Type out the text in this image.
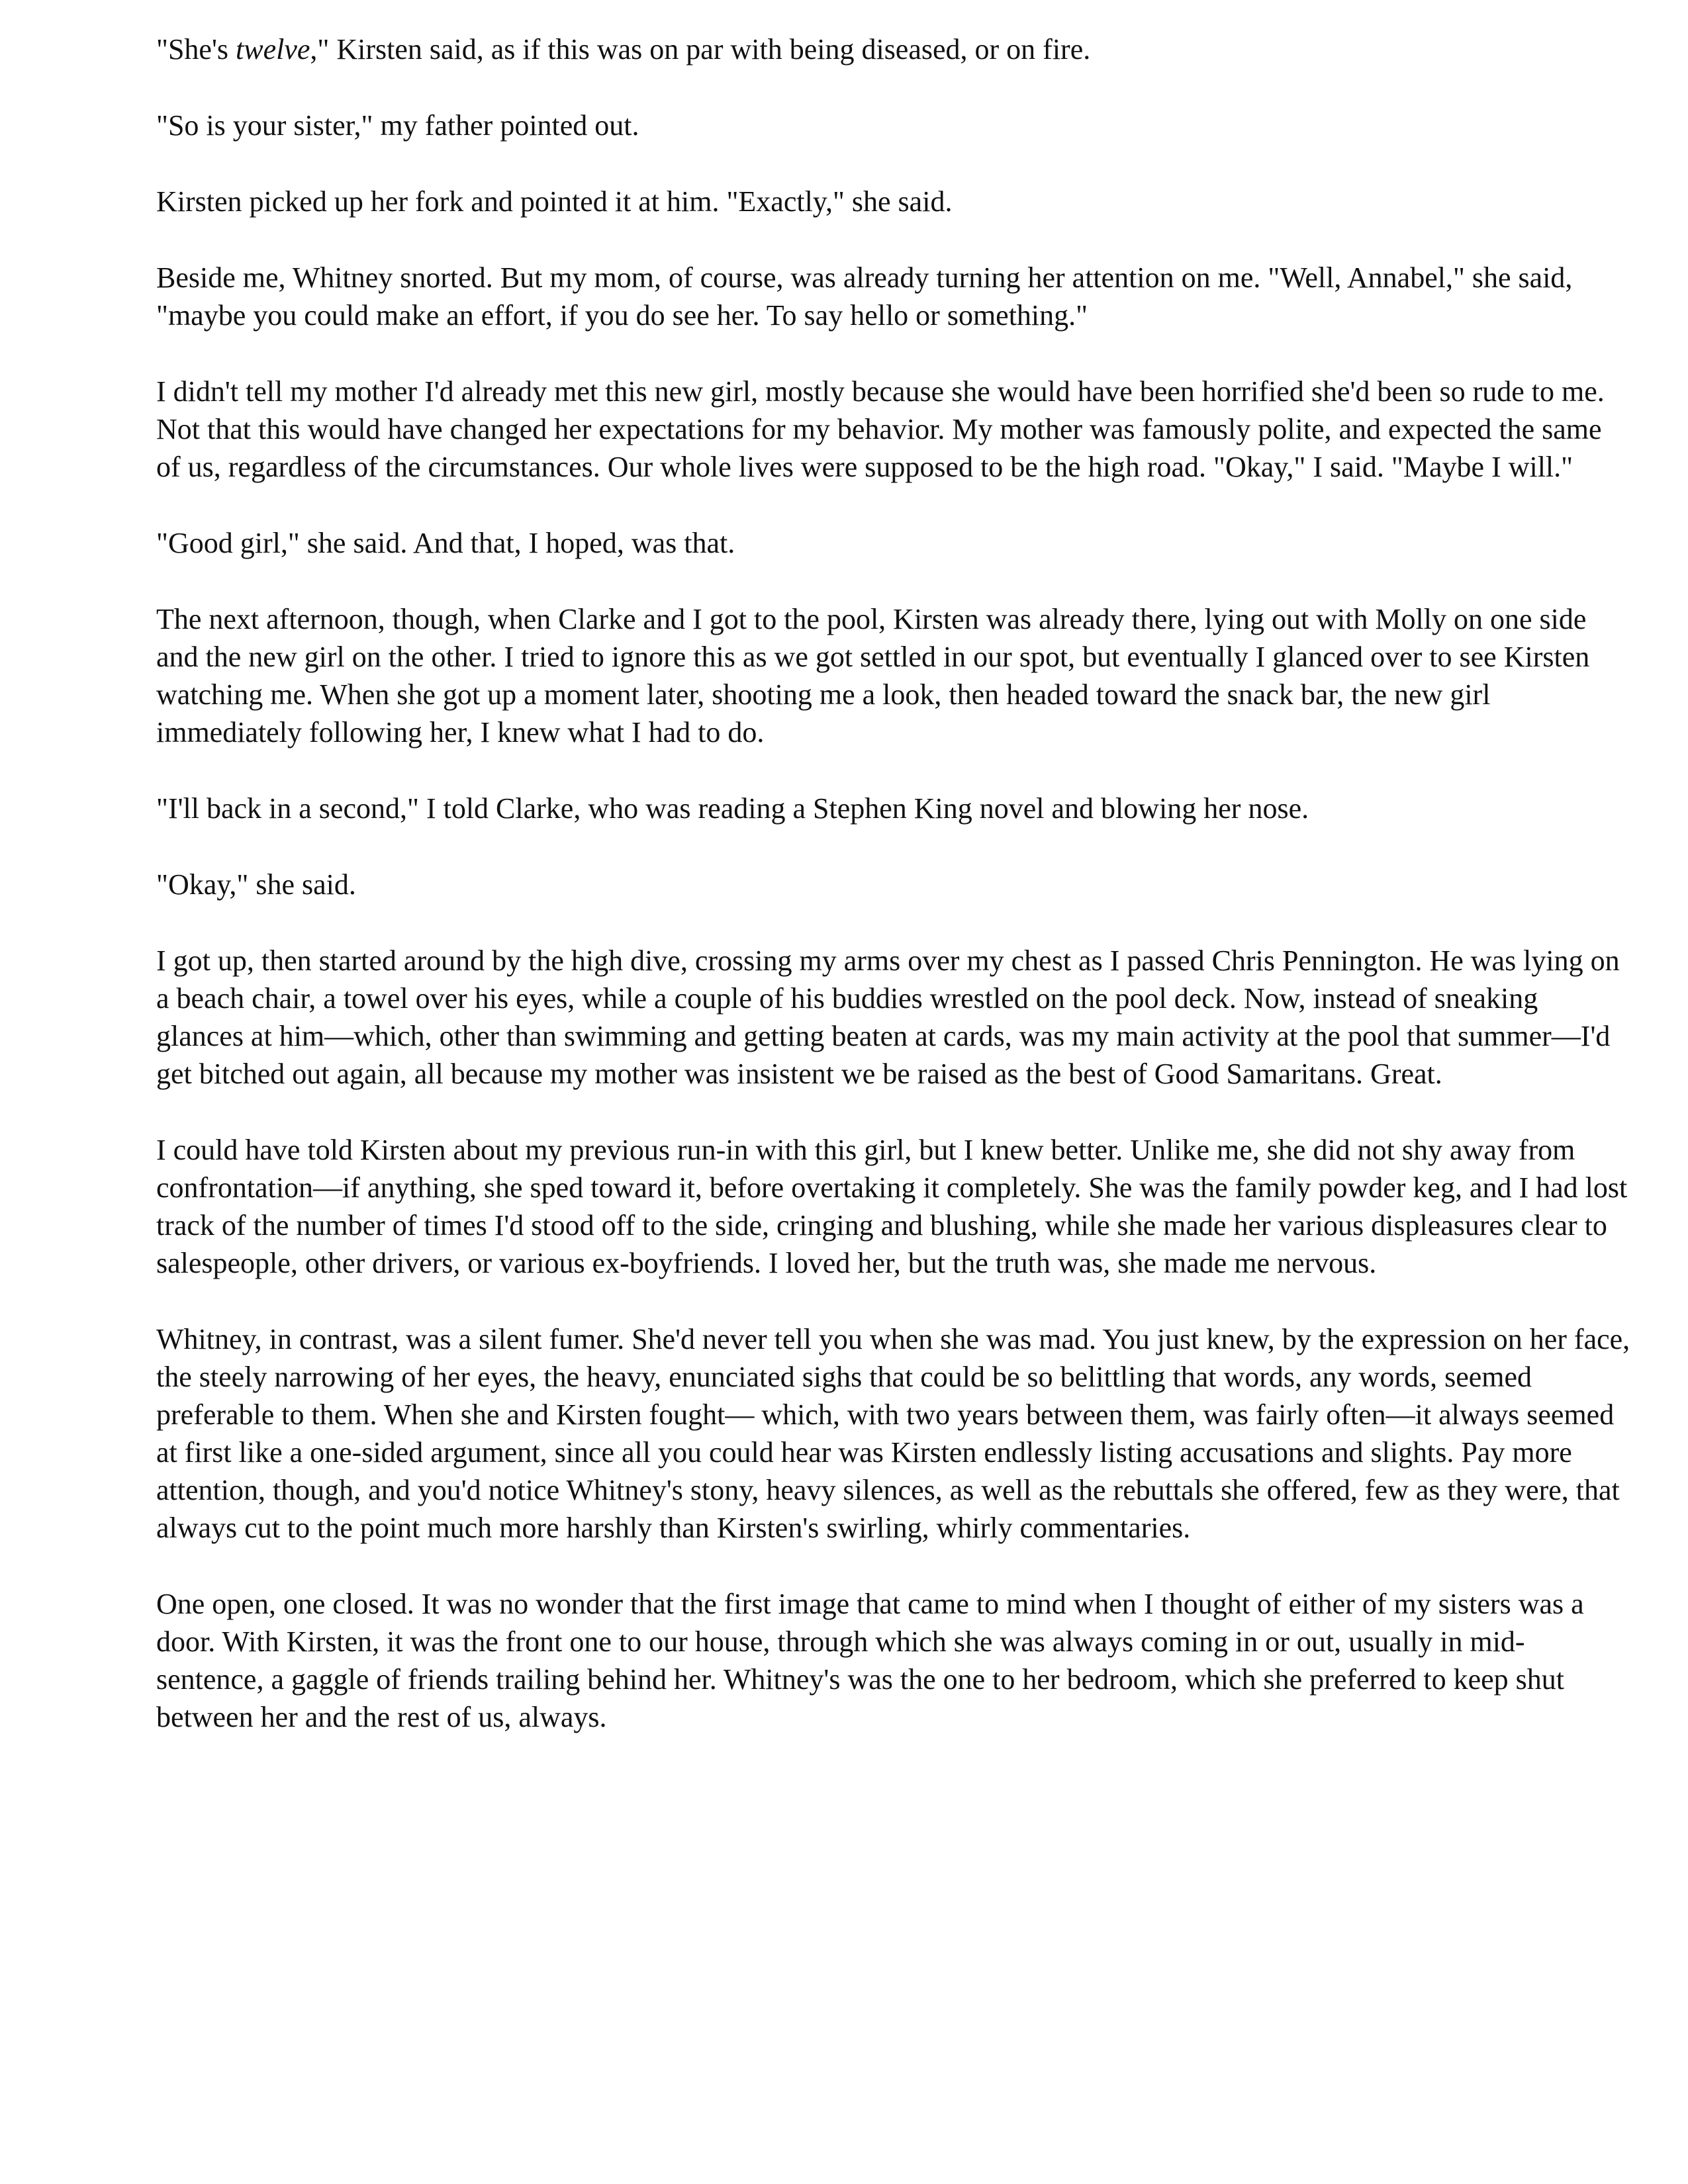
"She's twelve," Kirsten said, as if this was on par with being diseased, or on fire.

"So is your sister," my father pointed out.

Kirsten picked up her fork and pointed it at him. "Exactly," she said.

Beside me, Whitney snorted. But my mom, of course, was already turning her attention on me. "Well, Annabel," she said, "maybe you could make an effort, if you do see her. To say hello or something."

I didn't tell my mother I'd already met this new girl, mostly because she would have been horrified she'd been so rude to me. Not that this would have changed her expectations for my behavior. My mother was famously polite, and expected the same of us, regardless of the circumstances. Our whole lives were supposed to be the high road. "Okay," I said. "Maybe I will."

"Good girl," she said. And that, I hoped, was that.

The next afternoon, though, when Clarke and I got to the pool, Kirsten was already there, lying out with Molly on one side and the new girl on the other. I tried to ignore this as we got settled in our spot, but eventually I glanced over to see Kirsten watching me. When she got up a moment later, shooting me a look, then headed toward the snack bar, the new girl immediately following her, I knew what I had to do.

"I'll back in a second," I told Clarke, who was reading a Stephen King novel and blowing her nose.

"Okay," she said.

I got up, then started around by the high dive, crossing my arms over my chest as I passed Chris Pennington. He was lying on a beach chair, a towel over his eyes, while a couple of his buddies wrestled on the pool deck. Now, instead of sneaking glances at him—which, other than swimming and getting beaten at cards, was my main activity at the pool that summer—I'd get bitched out again, all because my mother was insistent we be raised as the best of Good Samaritans. Great.

I could have told Kirsten about my previous run-in with this girl, but I knew better. Unlike me, she did not shy away from confrontation—if anything, she sped toward it, before overtaking it completely. She was the family powder keg, and I had lost track of the number of times I'd stood off to the side, cringing and blushing, while she made her various displeasures clear to salespeople, other drivers, or various ex-boyfriends. I loved her, but the truth was, she made me nervous.

Whitney, in contrast, was a silent fumer. She'd never tell you when she was mad. You just knew, by the expression on her face, the steely narrowing of her eyes, the heavy, enunciated sighs that could be so belittling that words, any words, seemed preferable to them. When she and Kirsten fought— which, with two years between them, was fairly often—it always seemed at first like a one-sided argument, since all you could hear was Kirsten endlessly listing accusations and slights. Pay more attention, though, and you'd notice Whitney's stony, heavy silences, as well as the rebuttals she offered, few as they were, that always cut to the point much more harshly than Kirsten's swirling, whirly commentaries.

One open, one closed. It was no wonder that the first image that came to mind when I thought of either of my sisters was a door. With Kirsten, it was the front one to our house, through which she was always coming in or out, usually in mid-sentence, a gaggle of friends trailing behind her. Whitney's was the one to her bedroom, which she preferred to keep shut between her and the rest of us, always.
